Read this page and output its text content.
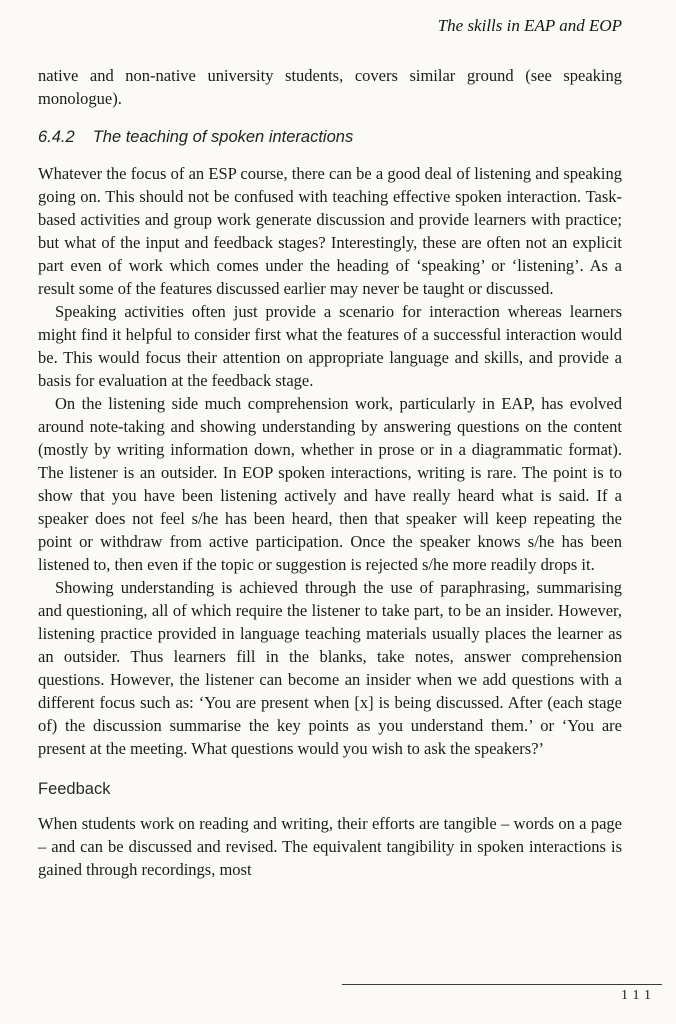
The skills in EAP and EOP

native and non-native university students, covers similar ground (see speaking monologue).

6.4.2 The teaching of spoken interactions

Whatever the focus of an ESP course, there can be a good deal of listening and speaking going on. This should not be confused with teaching effective spoken interaction. Task-based activities and group work generate discussion and provide learners with practice; but what of the input and feedback stages? Interestingly, these are often not an explicit part even of work which comes under the heading of ‘speaking’ or ‘listening’. As a result some of the features discussed earlier may never be taught or discussed.

Speaking activities often just provide a scenario for interaction whereas learners might find it helpful to consider first what the features of a successful interaction would be. This would focus their attention on appropriate language and skills, and provide a basis for evaluation at the feedback stage.

On the listening side much comprehension work, particularly in EAP, has evolved around note-taking and showing understanding by answering questions on the content (mostly by writing information down, whether in prose or in a diagrammatic format). The listener is an outsider. In EOP spoken interactions, writing is rare. The point is to show that you have been listening actively and have really heard what is said. If a speaker does not feel s/he has been heard, then that speaker will keep repeating the point or withdraw from active participation. Once the speaker knows s/he has been listened to, then even if the topic or suggestion is rejected s/he more readily drops it.

Showing understanding is achieved through the use of paraphrasing, summarising and questioning, all of which require the listener to take part, to be an insider. However, listening practice provided in language teaching materials usually places the learner as an outsider. Thus learners fill in the blanks, take notes, answer comprehension questions. However, the listener can become an insider when we add questions with a different focus such as: ‘You are present when [x] is being discussed. After (each stage of) the discussion summarise the key points as you understand them.’ or ‘You are present at the meeting. What questions would you wish to ask the speakers?’

Feedback

When students work on reading and writing, their efforts are tangible – words on a page – and can be discussed and revised. The equivalent tangibility in spoken interactions is gained through recordings, most

111
